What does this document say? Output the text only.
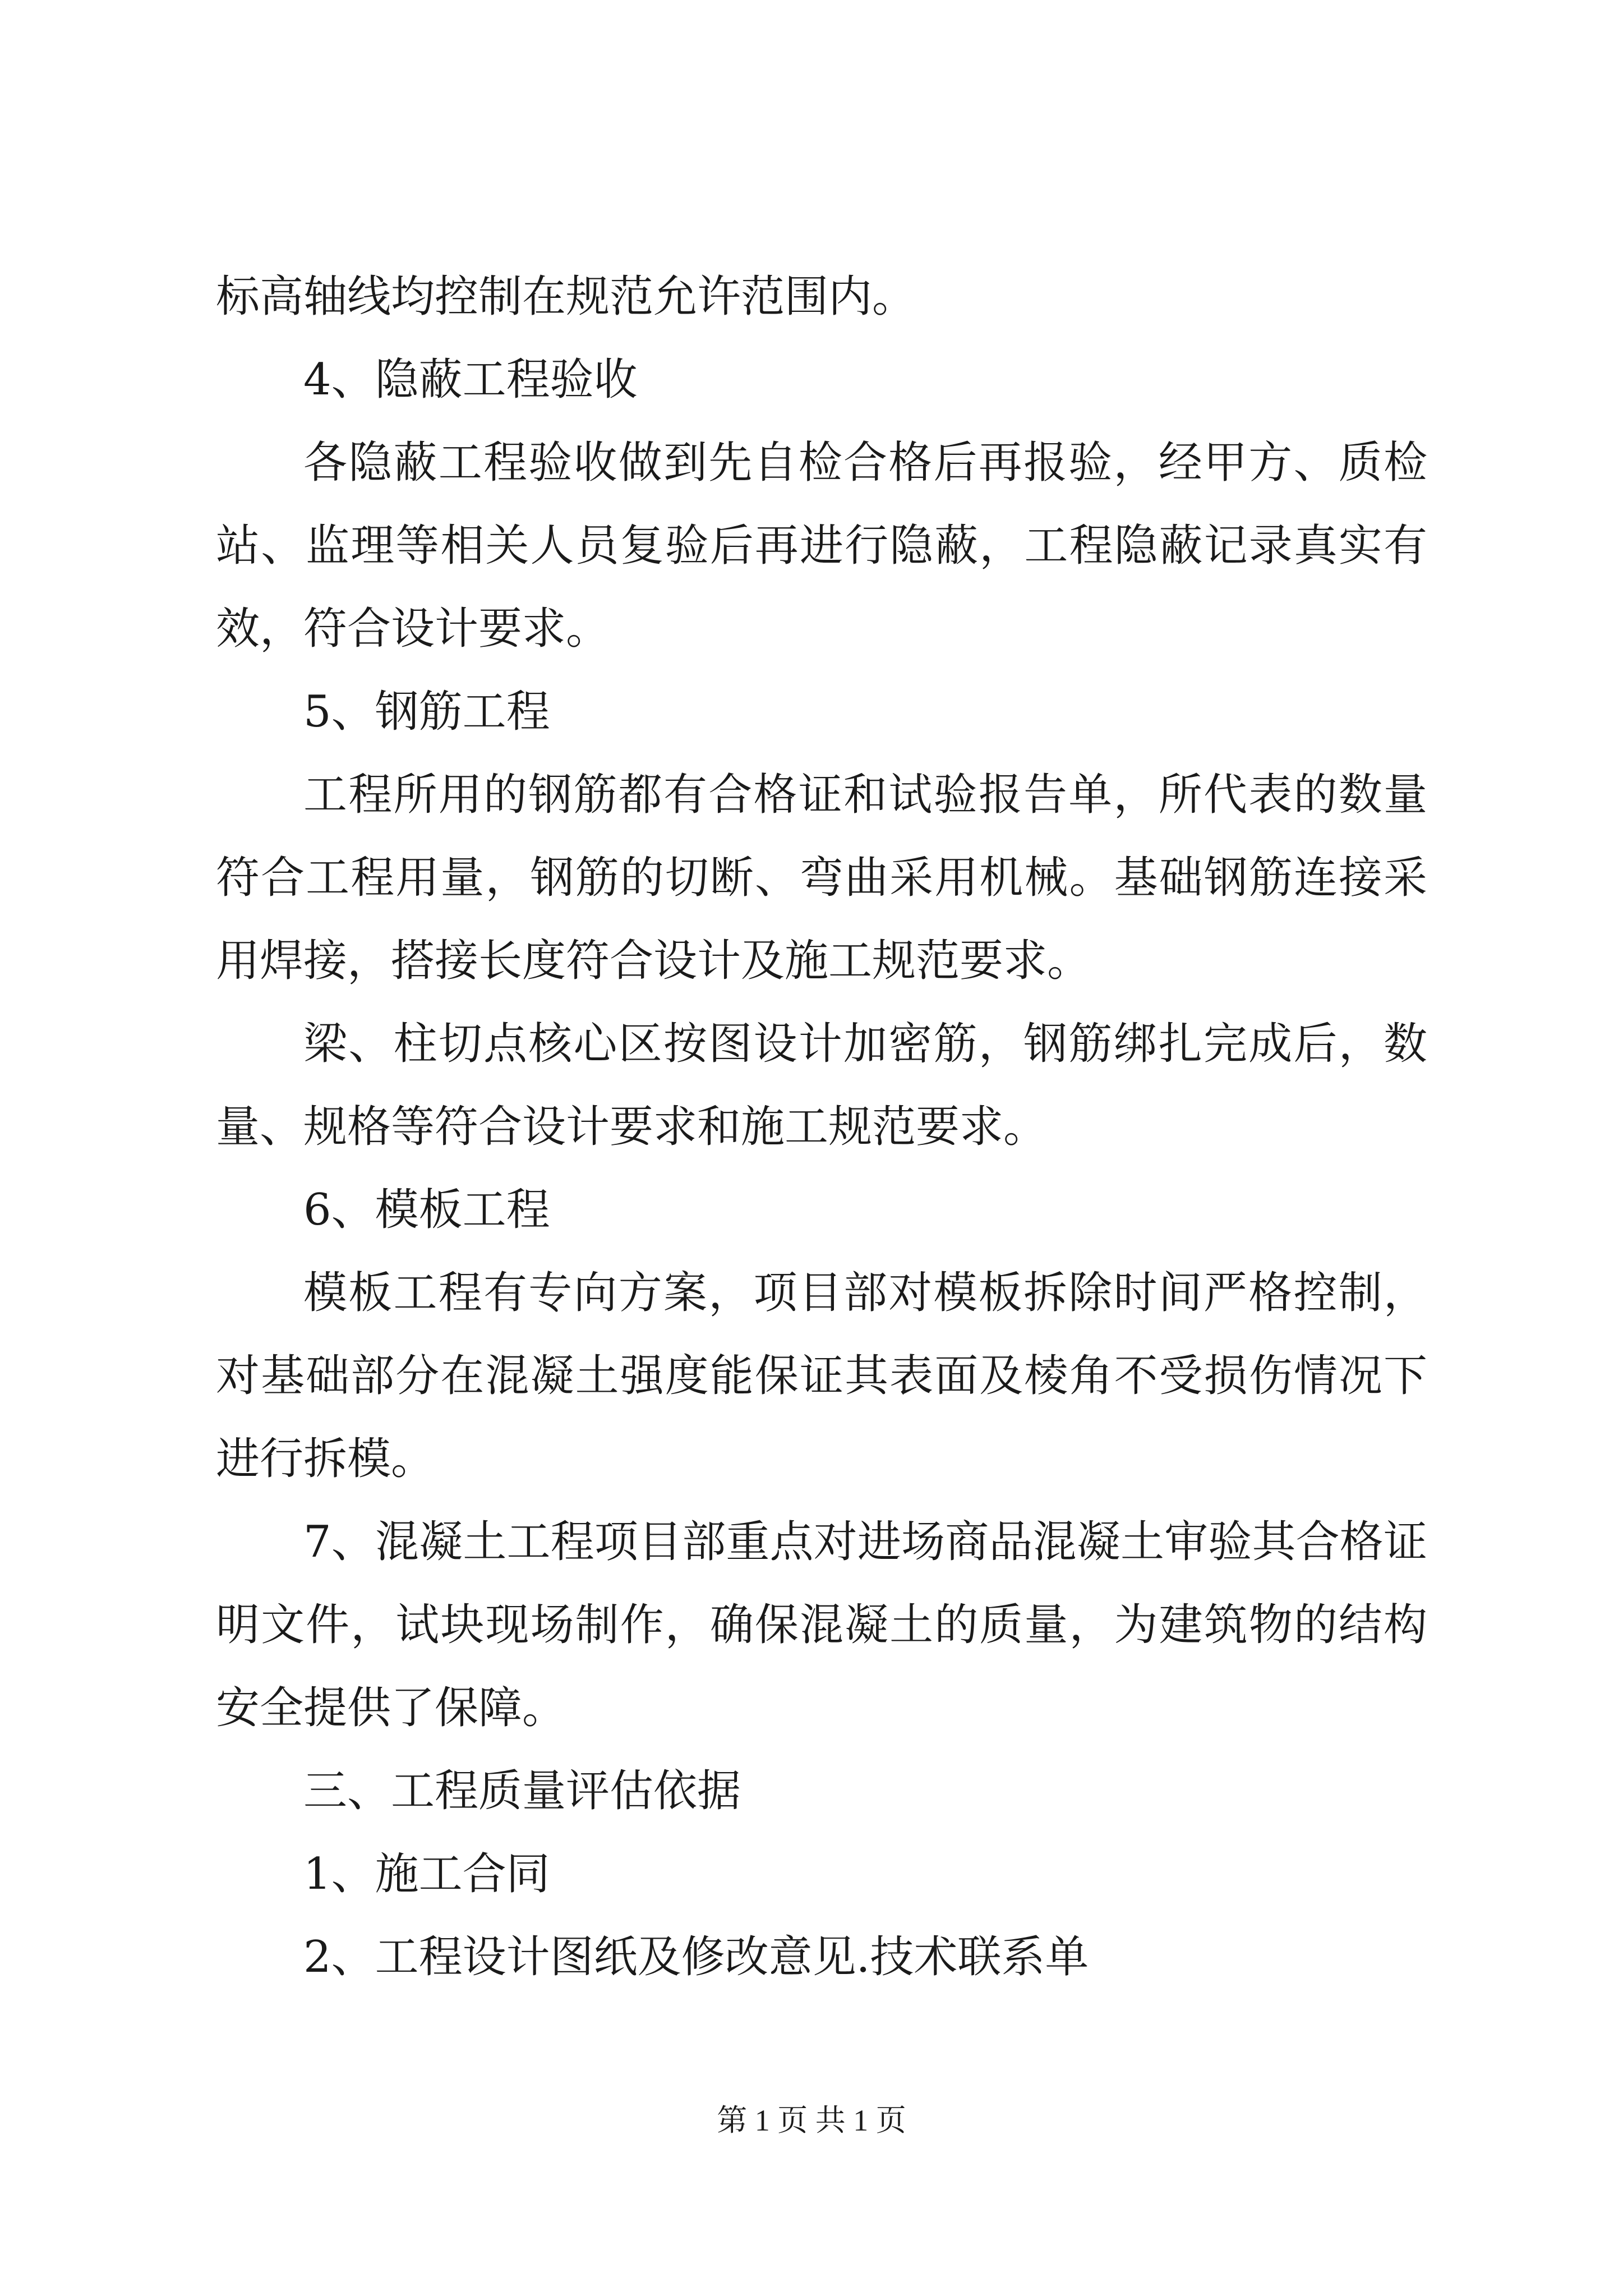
标高轴线均控制在规范允许范围内。

4、隐蔽工程验收

各隐蔽工程验收做到先自检合格后再报验，经甲方、质检站、监理等相关人员复验后再进行隐蔽，工程隐蔽记录真实有效，符合设计要求。

5、钢筋工程

工程所用的钢筋都有合格证和试验报告单，所代表的数量符合工程用量，钢筋的切断、弯曲采用机械。基础钢筋连接采用焊接，搭接长度符合设计及施工规范要求。

梁、柱切点核心区按图设计加密筋，钢筋绑扎完成后，数量、规格等符合设计要求和施工规范要求。

6、模板工程

模板工程有专向方案，项目部对模板拆除时间严格控制，对基础部分在混凝土强度能保证其表面及棱角不受损伤情况下进行拆模。

7、混凝土工程项目部重点对进场商品混凝土审验其合格证明文件，试块现场制作，确保混凝土的质量，为建筑物的结构安全提供了保障。

三、工程质量评估依据

1、施工合同

2、工程设计图纸及修改意见.技术联系单

第 1 页 共 1 页
